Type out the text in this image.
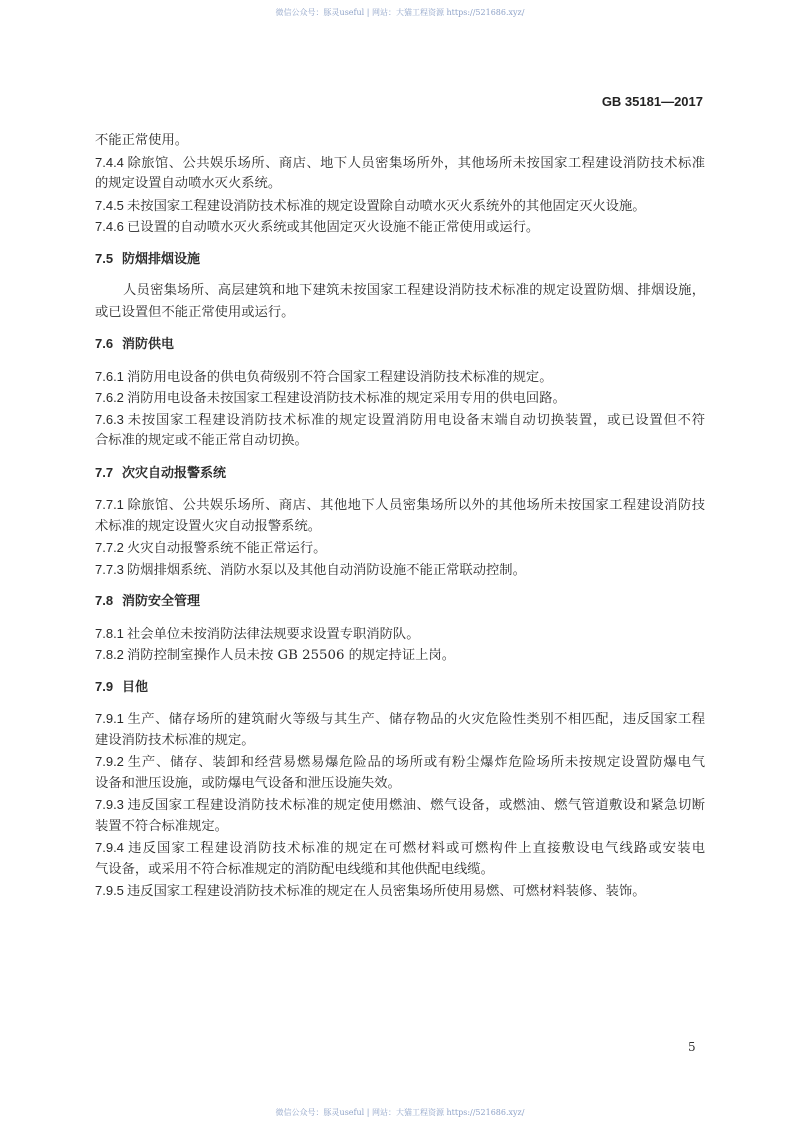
微信公众号：豚灵useful | 网站：大猫工程资源 https://521686.xyz/
GB 35181—2017
不能正常使用。
7.4.4 除旅馆、公共娱乐场所、商店、地下人员密集场所外，其他场所未按国家工程建设消防技术标准
的规定设置自动喷水灭火系统。
7.4.5 未按国家工程建设消防技术标准的规定设置除自动喷水灭火系统外的其他固定灭火设施。
7.4.6 已设置的自动喷水灭火系统或其他固定灭火设施不能正常使用或运行。
7.5 防烟排烟设施
人员密集场所、高层建筑和地下建筑未按国家工程建设消防技术标准的规定设置防烟、排烟设施，
或已设置但不能正常使用或运行。
7.6 消防供电
7.6.1 消防用电设备的供电负荷级别不符合国家工程建设消防技术标准的规定。
7.6.2 消防用电设备未按国家工程建设消防技术标准的规定采用专用的供电回路。
7.6.3 未按国家工程建设消防技术标准的规定设置消防用电设备末端自动切换装置，或已设置但不符
合标准的规定或不能正常自动切换。
7.7 次灾自动报警系统
7.7.1 除旅馆、公共娱乐场所、商店、其他地下人员密集场所以外的其他场所未按国家工程建设消防技
术标准的规定设置火灾自动报警系统。
7.7.2 火灾自动报警系统不能正常运行。
7.7.3 防烟排烟系统、消防水泵以及其他自动消防设施不能正常联动控制。
7.8 消防安全管理
7.8.1 社会单位未按消防法律法规要求设置专职消防队。
7.8.2 消防控制室操作人员未按 GB 25506 的规定持证上岗。
7.9 目他
7.9.1 生产、储存场所的建筑耐火等级与其生产、储存物品的火灾危险性类别不相匹配，违反国家工程
建设消防技术标准的规定。
7.9.2 生产、储存、装卸和经营易燃易爆危险品的场所或有粉尘爆炸危险场所未按规定设置防爆电气
设备和泄压设施，或防爆电气设备和泄压设施失效。
7.9.3 违反国家工程建设消防技术标准的规定使用燃油、燃气设备，或燃油、燃气管道敷设和紧急切断
装置不符合标准规定。
7.9.4 违反国家工程建设消防技术标准的规定在可燃材料或可燃构件上直接敷设电气线路或安装电
气设备，或采用不符合标准规定的消防配电线缆和其他供配电线缆。
7.9.5 违反国家工程建设消防技术标准的规定在人员密集场所使用易燃、可燃材料装修、装饰。
5
微信公众号：豚灵useful | 网站：大猫工程资源 https://521686.xyz/
